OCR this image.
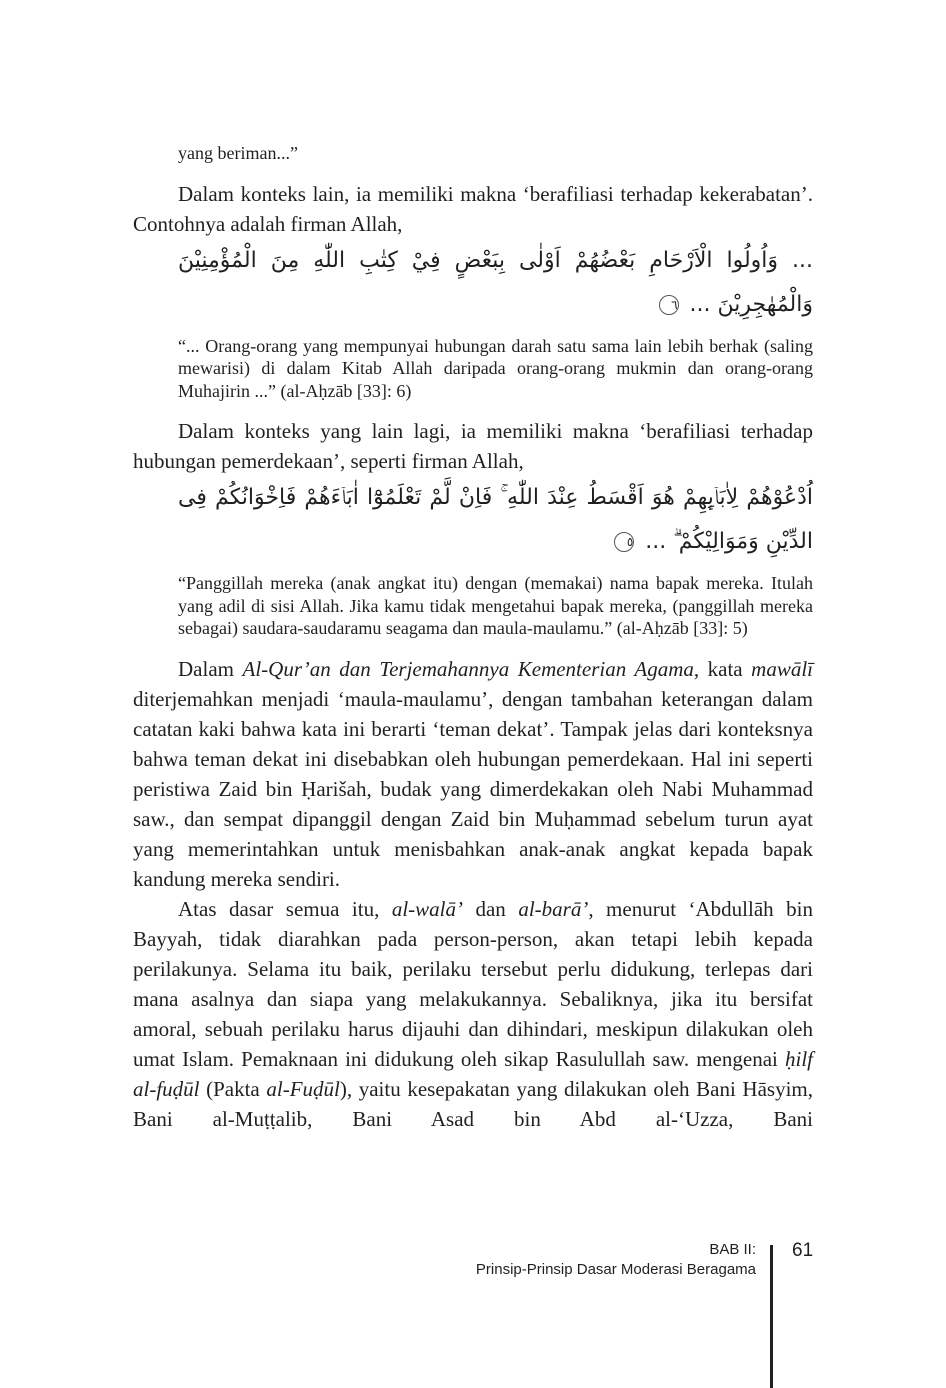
yang beriman...”

Dalam konteks lain, ia memiliki makna ‘berafiliasi terhadap kekerabatan’. Contohnya adalah firman Allah,

... وَاُولُوا الْاَرْحَامِ بَعْضُهُمْ اَوْلٰى بِبَعْضٍ فِيْ كِتٰبِ اللّٰهِ مِنَ الْمُؤْمِنِيْنَ وَالْمُهٰجِرِيْنَ ... ٦

“... Orang-orang yang mempunyai hubungan darah satu sama lain lebih berhak (saling mewarisi) di dalam Kitab Allah daripada orang-orang mukmin dan orang-orang Muhajirin ...” (al-Aḥzāb [33]: 6)

Dalam konteks yang lain lagi, ia memiliki makna ‘berafiliasi terhadap hubungan pemerdekaan’, seperti firman Allah,

اُدْعُوْهُمْ لِاٰبَاۤىِٕهِمْ هُوَ اَقْسَطُ عِنْدَ اللّٰهِ ۚ فَاِنْ لَّمْ تَعْلَمُوْٓا اٰبَاۤءَهُمْ فَاِخْوَانُكُمْ فِى الدِّيْنِ وَمَوَالِيْكُمْ ۗ ... ٥

“Panggillah mereka (anak angkat itu) dengan (memakai) nama bapak mereka. Itulah yang adil di sisi Allah. Jika kamu tidak mengetahui bapak mereka, (panggillah mereka sebagai) saudara-saudaramu seagama dan maula-maulamu.” (al-Aḥzāb [33]: 5)

Dalam Al-Qur’an dan Terjemahannya Kementerian Agama, kata mawālī diterjemahkan menjadi ‘maula-maulamu’, dengan tambahan keterangan dalam catatan kaki bahwa kata ini berarti ‘teman dekat’. Tampak jelas dari konteksnya bahwa teman dekat ini disebabkan oleh hubungan pemerdekaan. Hal ini seperti peristiwa Zaid bin Ḥarišah, budak yang dimerdekakan oleh Nabi Muhammad saw., dan sempat dipanggil dengan Zaid bin Muḥammad sebelum turun ayat yang memerintahkan untuk menisbahkan anak-anak angkat kepada bapak kandung mereka sendiri.

Atas dasar semua itu, al-walā’ dan al-barā’, menurut ‘Abdullāh bin Bayyah, tidak diarahkan pada person-person, akan tetapi lebih kepada perilakunya. Selama itu baik, perilaku tersebut perlu didukung, terlepas dari mana asalnya dan siapa yang melakukannya. Sebaliknya, jika itu bersifat amoral, sebuah perilaku harus dijauhi dan dihindari, meskipun dilakukan oleh umat Islam. Pemaknaan ini didukung oleh sikap Rasulullah saw. mengenai ḥilf al-fuḍūl (Pakta al-Fuḍūl), yaitu kesepakatan yang dilakukan oleh Bani Hāsyim, Bani al-Muṭṭalib, Bani Asad bin Abd al-‘Uzza, Bani

BAB II:
Prinsip-Prinsip Dasar Moderasi Beragama
61
